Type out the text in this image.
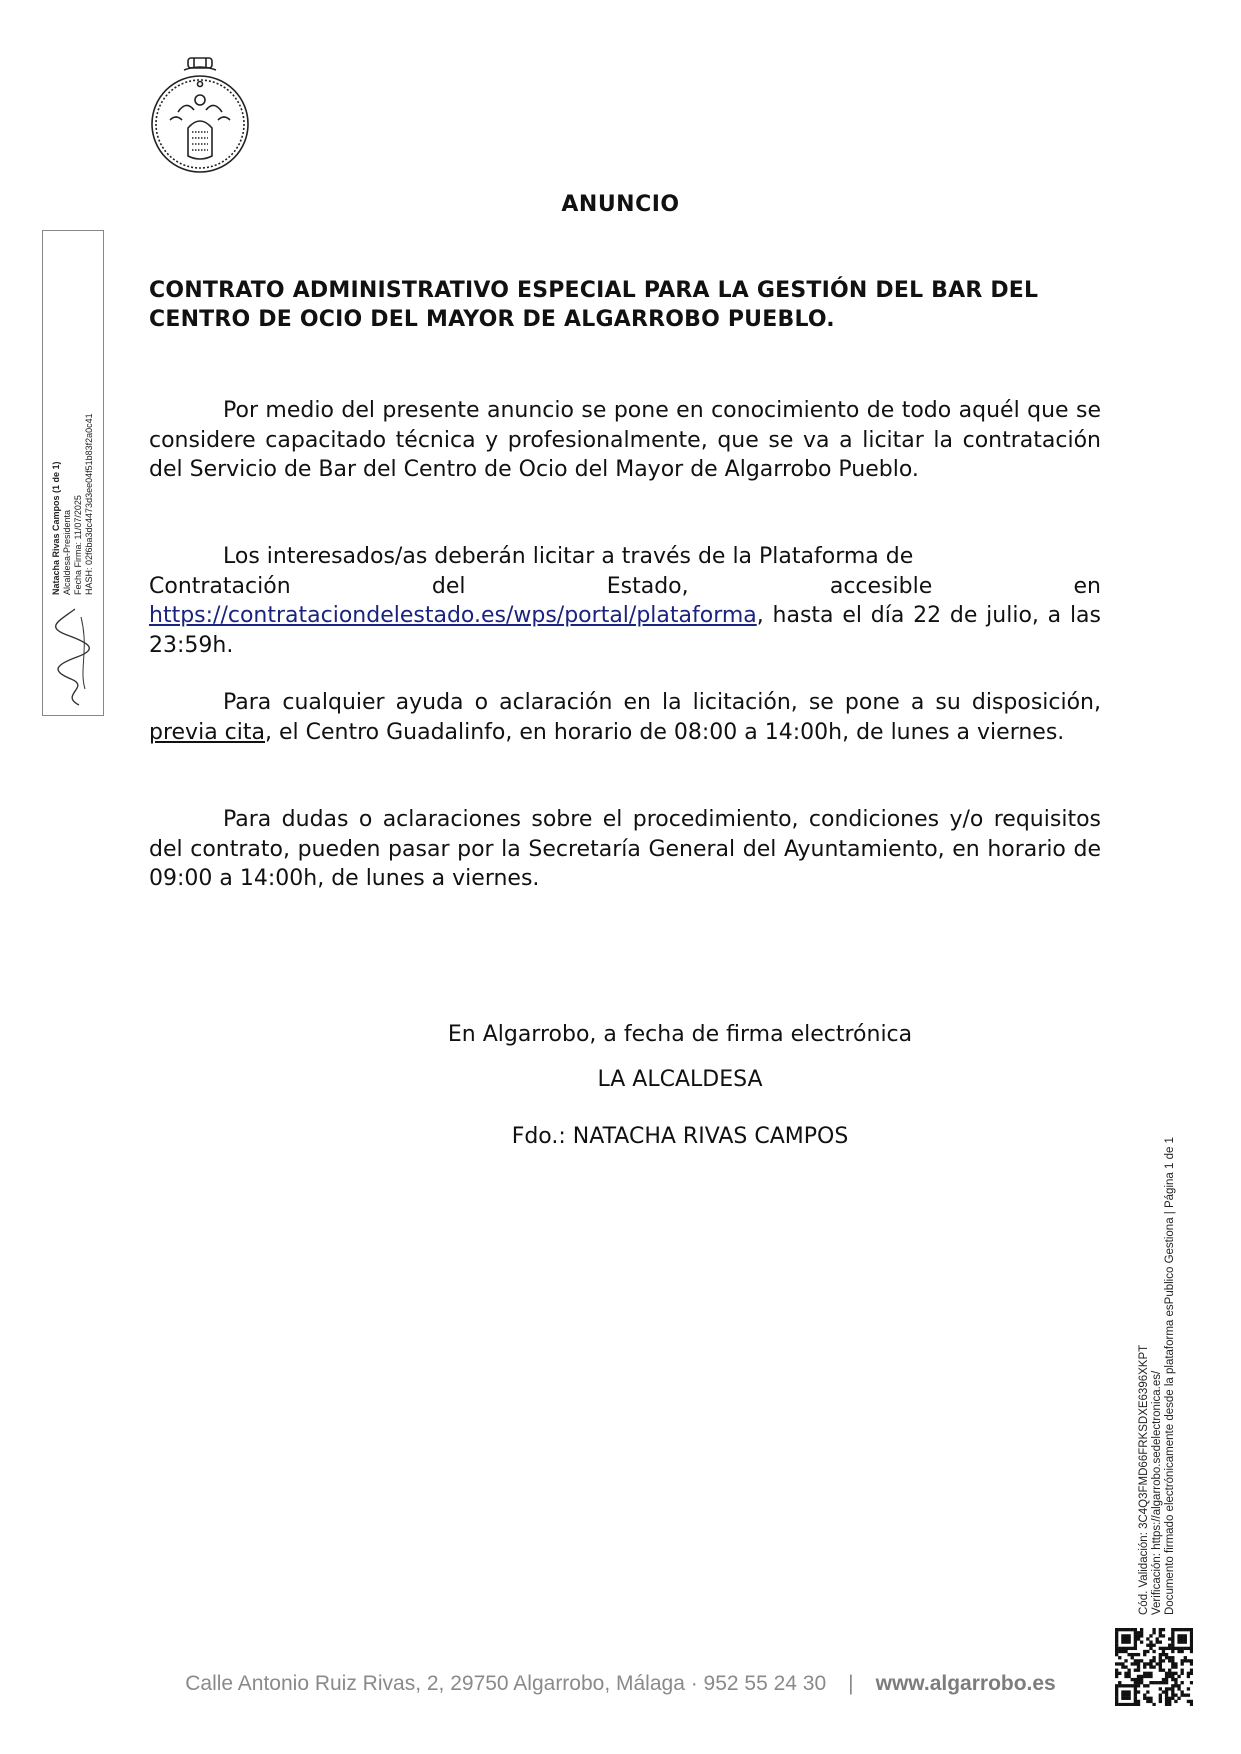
ANUNCIO
CONTRATO ADMINISTRATIVO ESPECIAL PARA LA GESTIÓN DEL BAR DEL CENTRO DE OCIO DEL MAYOR DE ALGARROBO PUEBLO.
Por medio del presente anuncio se pone en conocimiento de todo aquél que se considere capacitado técnica y profesionalmente, que se va a licitar la contratación del Servicio de Bar del Centro de Ocio del Mayor de Algarrobo Pueblo.
Los interesados/as deberán licitar a través de la Plataforma de
Contratación	del	Estado,	accesible	en
https://contrataciondelestado.es/wps/portal/plataforma, hasta el día 22 de julio, a las 23:59h.
Para cualquier ayuda o aclaración en la licitación, se pone a su disposición, previa cita, el Centro Guadalinfo, en horario de 08:00 a 14:00h, de lunes a viernes.
Para dudas o aclaraciones sobre el procedimiento, condiciones y/o requisitos del contrato, pueden pasar por la Secretaría General del Ayuntamiento, en horario de 09:00 a 14:00h, de lunes a viernes.
En Algarrobo, a fecha de firma electrónica
LA ALCALDESA
Fdo.: NATACHA RIVAS CAMPOS
Natacha Rivas Campos (1 de 1) Alcaldesa-Presidenta Fecha Firma: 11/07/2025 HASH: 02f6ba3dc4473d3ee04f51b83f2a0c41
Cód. Validación: 3C4Q3FMD66FRKSDXE6396XKPT Verificación: https://algarrobo.sedelectronica.es/ Documento firmado electrónicamente desde la plataforma esPublico Gestiona | Página 1 de 1
Calle Antonio Ruiz Rivas, 2, 29750 Algarrobo, Málaga · 952 55 24 30 | www.algarrobo.es
